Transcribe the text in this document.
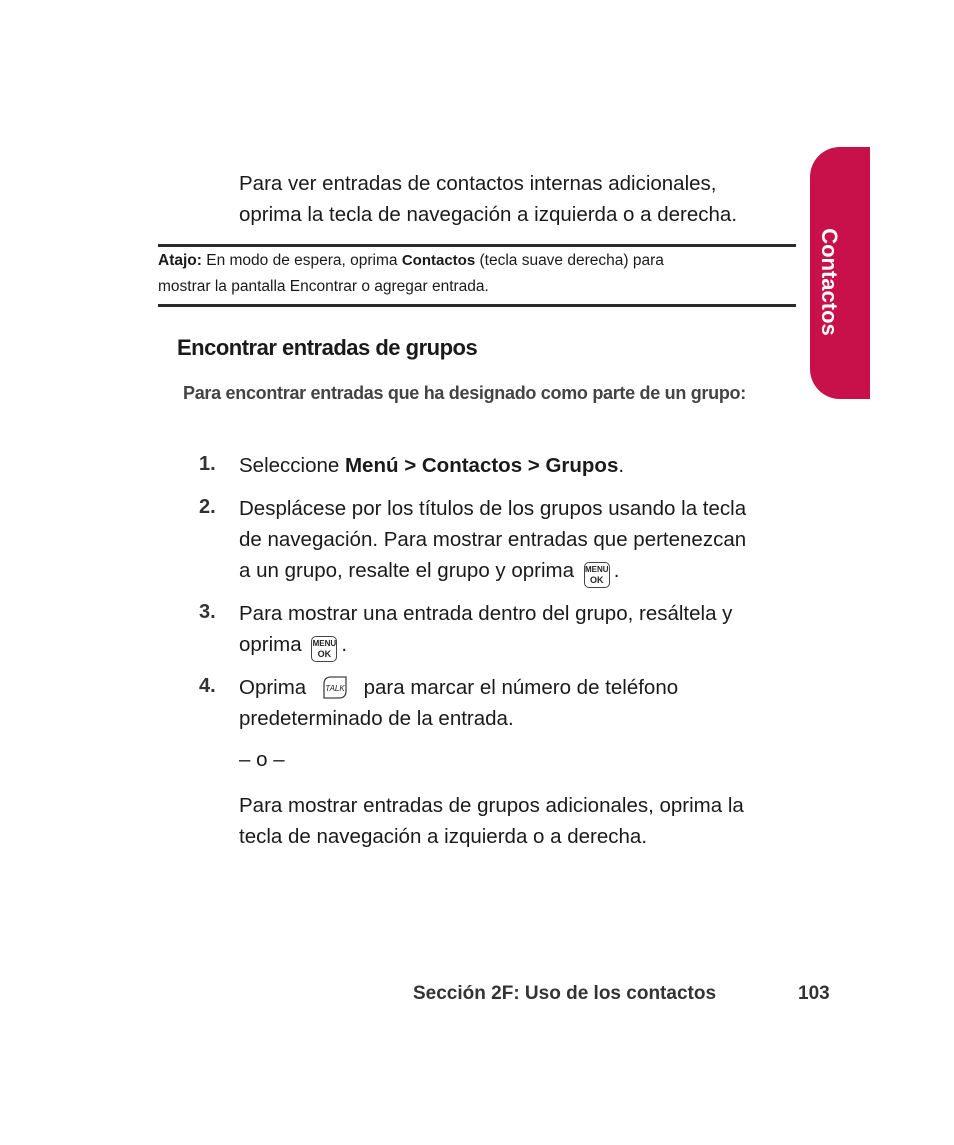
Contactos
Para ver entradas de contactos internas adicionales,
oprima la tecla de navegación a izquierda o a derecha.
Atajo: En modo de espera, oprima Contactos (tecla suave derecha) para
mostrar la pantalla Encontrar o agregar entrada.
Encontrar entradas de grupos
Para encontrar entradas que ha designado como parte de un grupo:
1. Seleccione Menú > Contactos > Grupos.
2. Desplácese por los títulos de los grupos usando la tecla
de navegación. Para mostrar entradas que pertenezcan
a un grupo, resalte el grupo y oprima MENU
OK .
3. Para mostrar una entrada dentro del grupo, resáltela y
oprima MENU
OK .
4. Oprima TALK para marcar el número de teléfono
predeterminado de la entrada.
– o –
Para mostrar entradas de grupos adicionales, oprima la
tecla de navegación a izquierda o a derecha.
Sección 2F: Uso de los contactos	103
